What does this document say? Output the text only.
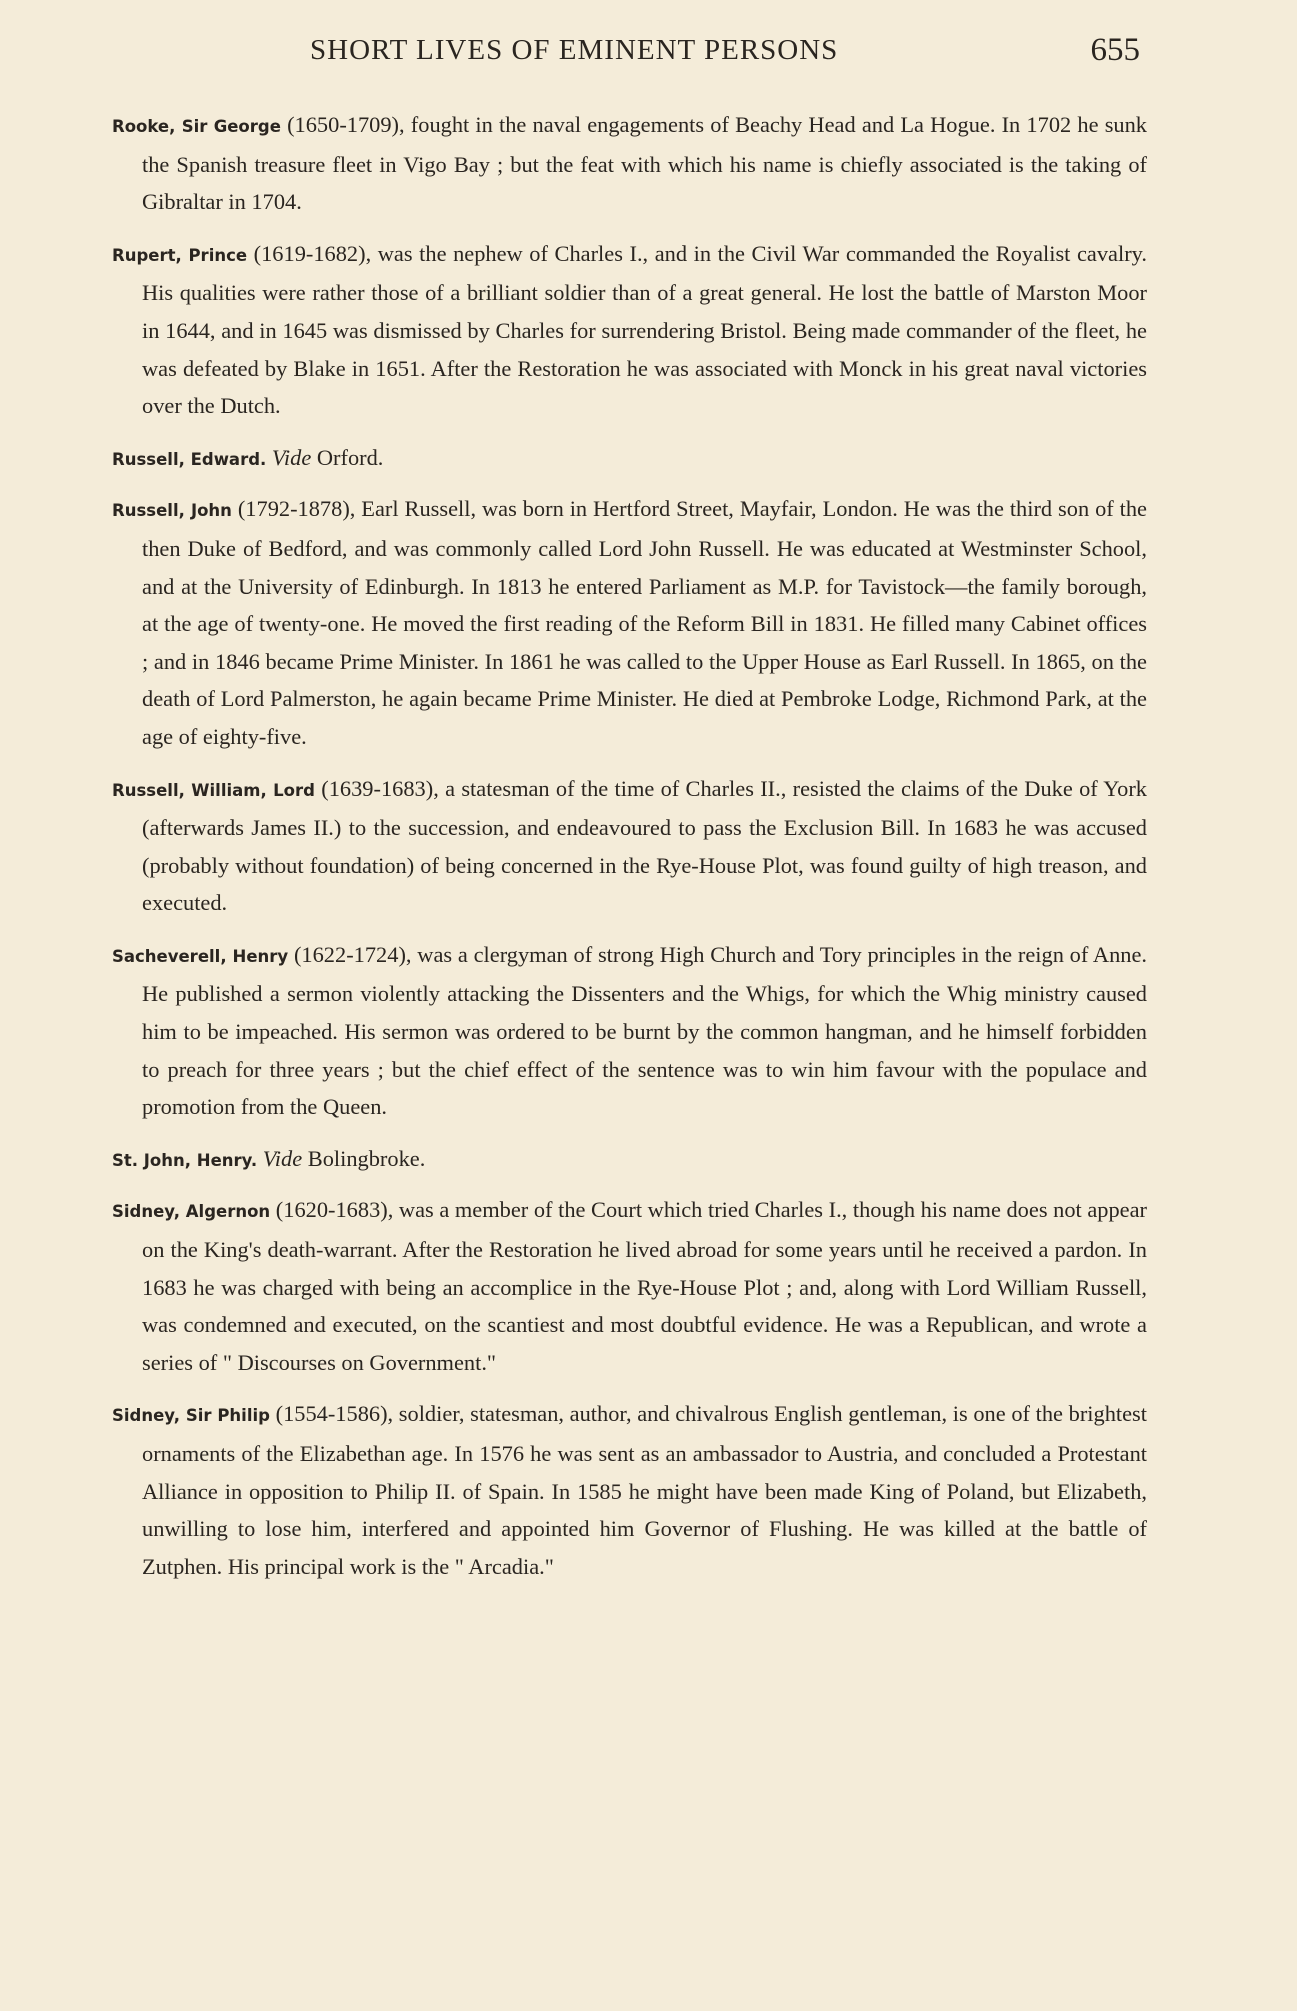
SHORT LIVES OF EMINENT PERSONS	655

Rooke, Sir George (1650-1709), fought in the naval engagements of Beachy Head and La Hogue. In 1702 he sunk the Spanish treasure fleet in Vigo Bay ; but the feat with which his name is chiefly associated is the taking of Gibraltar in 1704.

Rupert, Prince (1619-1682), was the nephew of Charles I., and in the Civil War commanded the Royalist cavalry. His qualities were rather those of a brilliant soldier than of a great general. He lost the battle of Marston Moor in 1644, and in 1645 was dismissed by Charles for surrendering Bristol. Being made commander of the fleet, he was defeated by Blake in 1651. After the Restoration he was associated with Monck in his great naval victories over the Dutch.

Russell, Edward. Vide Orford.

Russell, John (1792-1878), Earl Russell, was born in Hertford Street, Mayfair, London. He was the third son of the then Duke of Bedford, and was commonly called Lord John Russell. He was educated at Westminster School, and at the University of Edinburgh. In 1813 he entered Parliament as M.P. for Tavistock—the family borough, at the age of twenty-one. He moved the first reading of the Reform Bill in 1831. He filled many Cabinet offices ; and in 1846 became Prime Minister. In 1861 he was called to the Upper House as Earl Russell. In 1865, on the death of Lord Palmerston, he again became Prime Minister. He died at Pembroke Lodge, Richmond Park, at the age of eighty-five.

Russell, William, Lord (1639-1683), a statesman of the time of Charles II., resisted the claims of the Duke of York (afterwards James II.) to the succession, and endeavoured to pass the Exclusion Bill. In 1683 he was accused (probably without foundation) of being concerned in the Rye-House Plot, was found guilty of high treason, and executed.

Sacheverell, Henry (1622-1724), was a clergyman of strong High Church and Tory principles in the reign of Anne. He published a sermon violently attacking the Dissenters and the Whigs, for which the Whig ministry caused him to be impeached. His sermon was ordered to be burnt by the common hangman, and he himself forbidden to preach for three years ; but the chief effect of the sentence was to win him favour with the populace and promotion from the Queen.

St. John, Henry. Vide Bolingbroke.

Sidney, Algernon (1620-1683), was a member of the Court which tried Charles I., though his name does not appear on the King's death-warrant. After the Restoration he lived abroad for some years until he received a pardon. In 1683 he was charged with being an accomplice in the Rye-House Plot ; and, along with Lord William Russell, was condemned and executed, on the scantiest and most doubtful evidence. He was a Republican, and wrote a series of " Discourses on Government."

Sidney, Sir Philip (1554-1586), soldier, statesman, author, and chivalrous English gentleman, is one of the brightest ornaments of the Elizabethan age. In 1576 he was sent as an ambassador to Austria, and concluded a Protestant Alliance in opposition to Philip II. of Spain. In 1585 he might have been made King of Poland, but Elizabeth, unwilling to lose him, interfered and appointed him Governor of Flushing. He was killed at the battle of Zutphen. His principal work is the " Arcadia."
